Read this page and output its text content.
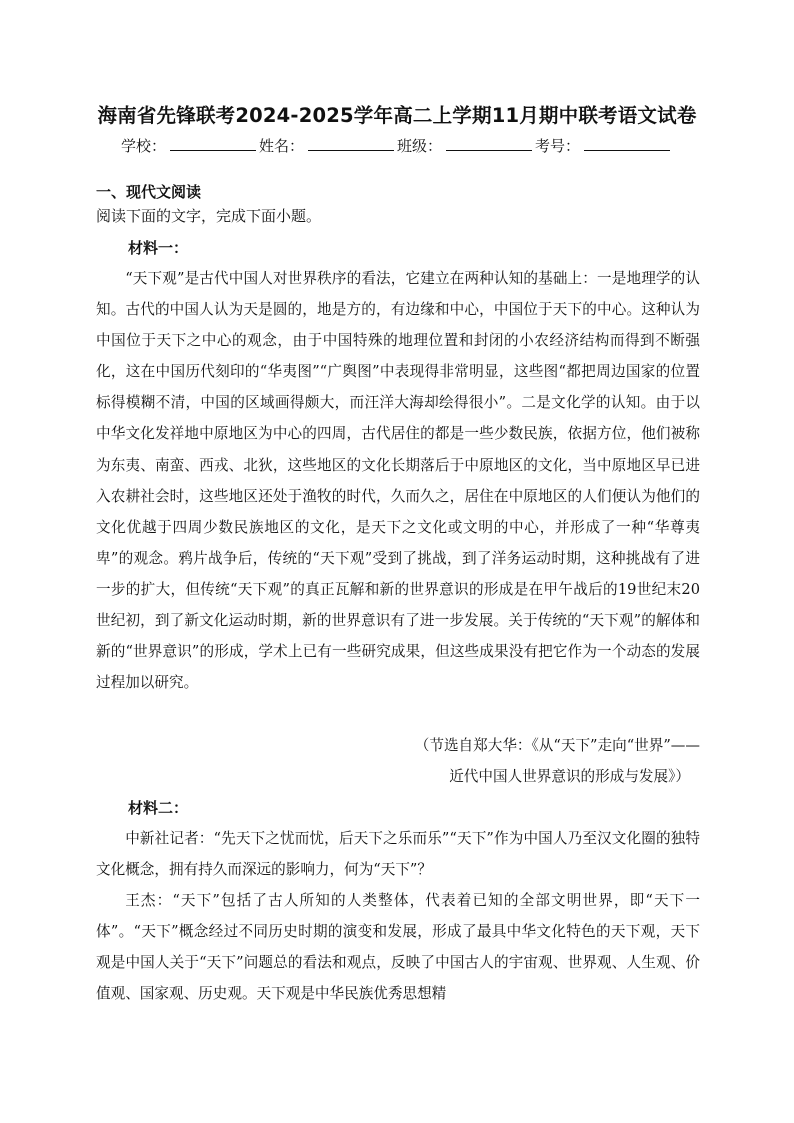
海南省先锋联考2024-2025学年高二上学期11月期中联考语文试卷
学校：	姓名：	班级：	考号：
一、现代文阅读
阅读下面的文字，完成下面小题。
材料一：

“天下观”是古代中国人对世界秩序的看法，它建立在两种认知的基础上：一是地理学的认知。古代的中国人认为天是圆的，地是方的，有边缘和中心，中国位于天下的中心。这种认为中国位于天下之中心的观念，由于中国特殊的地理位置和封闭的小农经济结构而得到不断强化，这在中国历代刻印的“华夷图”“广舆图”中表现得非常明显，这些图“都把周边国家的位置标得模糊不清，中国的区域画得颇大，而汪洋大海却绘得很小”。二是文化学的认知。由于以中华文化发祥地中原地区为中心的四周，古代居住的都是一些少数民族，依据方位，他们被称为东夷、南蛮、西戎、北狄，这些地区的文化长期落后于中原地区的文化，当中原地区早已进入农耕社会时，这些地区还处于渔牧的时代，久而久之，居住在中原地区的人们便认为他们的文化优越于四周少数民族地区的文化，是天下之文化或文明的中心，并形成了一种“华尊夷卑”的观念。鸦片战争后，传统的“天下观”受到了挑战，到了洋务运动时期，这种挑战有了进一步的扩大，但传统“天下观”的真正瓦解和新的世界意识的形成是在甲午战后的19世纪末20世纪初，到了新文化运动时期，新的世界意识有了进一步发展。关于传统的“天下观”的解体和新的“世界意识”的形成，学术上已有一些研究成果，但这些成果没有把它作为一个动态的发展过程加以研究。

（节选自郑大华：《从“天下”走向“世界”——
近代中国人世界意识的形成与发展》）
材料二：

中新社记者：“先天下之忧而忧，后天下之乐而乐”“天下”作为中国人乃至汉文化圈的独特文化概念，拥有持久而深远的影响力，何为“天下”？

王杰：“天下”包括了古人所知的人类整体，代表着已知的全部文明世界，即“天下一体”。“天下”概念经过不同历史时期的演变和发展，形成了最具中华文化特色的天下观，天下观是中国人关于“天下”问题总的看法和观点，反映了中国古人的宇宙观、世界观、人生观、价值观、国家观、历史观。天下观是中华民族优秀思想精
